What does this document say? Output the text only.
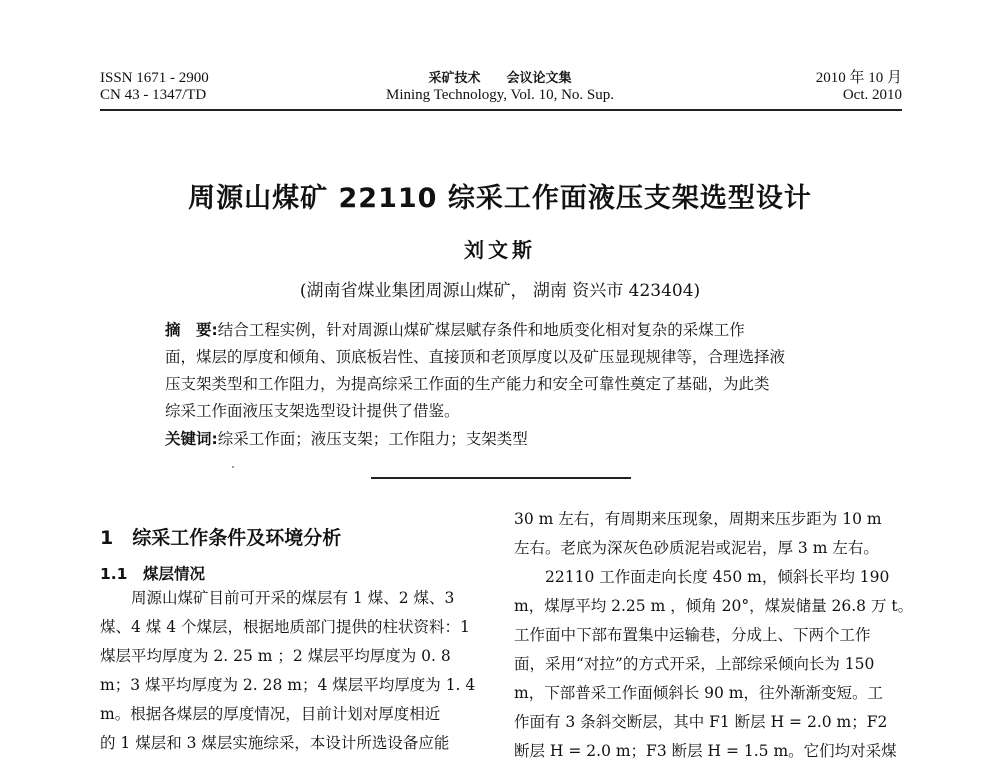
ISSN 1671 - 2900
CN 43 - 1347/TD
采矿技术　　会议论文集
Mining Technology, Vol. 10, No. Sup.
2010 年 10 月
Oct. 2010
周源山煤矿 22110 综采工作面液压支架选型设计
刘文斯
(湖南省煤业集团周源山煤矿， 湖南 资兴市 423404)

摘　要:结合工程实例，针对周源山煤矿煤层赋存条件和地质变化相对复杂的采煤工作

面，煤层的厚度和倾角、顶底板岩性、直接顶和老顶厚度以及矿压显现规律等，合理选择液

压支架类型和工作阻力，为提高综采工作面的生产能力和安全可靠性奠定了基础，为此类

综采工作面液压支架选型设计提供了借鉴。

关键词:综采工作面；液压支架；工作阻力；支架类型
1　综采工作条件及环境分析
1.1　煤层情况

周源山煤矿目前可开采的煤层有 1 煤、2 煤、3

煤、4 煤 4 个煤层，根据地质部门提供的柱状资料：1

煤层平均厚度为 2. 25 m ；2 煤层平均厚度为 0. 8

m；3 煤平均厚度为 2. 28 m；4 煤层平均厚度为 1. 4

m。根据各煤层的厚度情况，目前计划对厚度相近

的 1 煤层和 3 煤层实施综采，本设计所选设备应能

30 m 左右，有周期来压现象，周期来压步距为 10 m

左右。老底为深灰色砂质泥岩或泥岩，厚 3 m 左右。

22110 工作面走向长度 450 m，倾斜长平均 190

m，煤厚平均 2.25 m ，倾角 20°，煤炭储量 26.8 万 t。

工作面中下部布置集中运输巷，分成上、下两个工作

面，采用“对拉”的方式开采，上部综采倾向长为 150

m，下部普采工作面倾斜长 90 m，往外渐渐变短。工

作面有 3 条斜交断层，其中 F1 断层 H = 2.0 m；F2

断层 H = 2.0 m；F3 断层 H = 1.5 m。它们均对采煤
